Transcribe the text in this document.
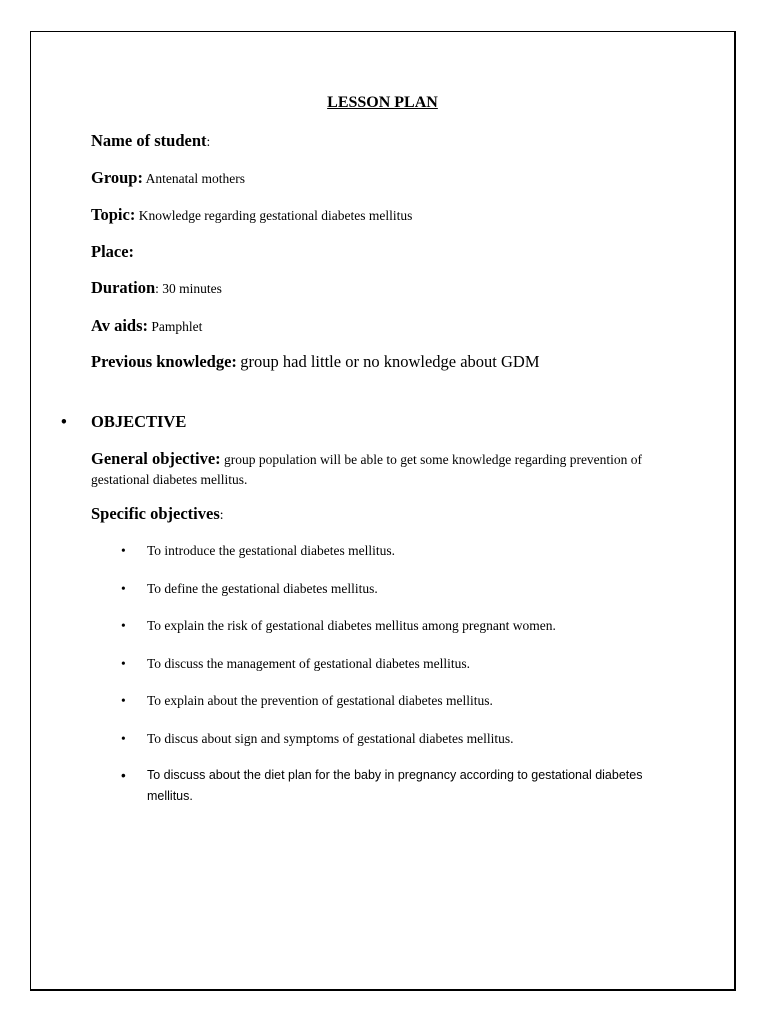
LESSON PLAN
Name of student:
Group: Antenatal mothers
Topic: Knowledge regarding gestational diabetes mellitus
Place:
Duration: 30 minutes
Av aids: Pamphlet
Previous knowledge: group had little or no knowledge about GDM
• OBJECTIVE
General objective: group population will be able to get some knowledge regarding prevention of gestational diabetes mellitus.
Specific objectives:
• To introduce the gestational diabetes mellitus.
• To define the gestational diabetes mellitus.
• To explain the risk of gestational diabetes mellitus among pregnant women.
• To discuss the management of gestational diabetes mellitus.
• To explain about the prevention of gestational diabetes mellitus.
• To discus about sign and symptoms of gestational diabetes mellitus.
• To discuss about the diet plan for the baby in pregnancy according to gestational diabetes mellitus.
